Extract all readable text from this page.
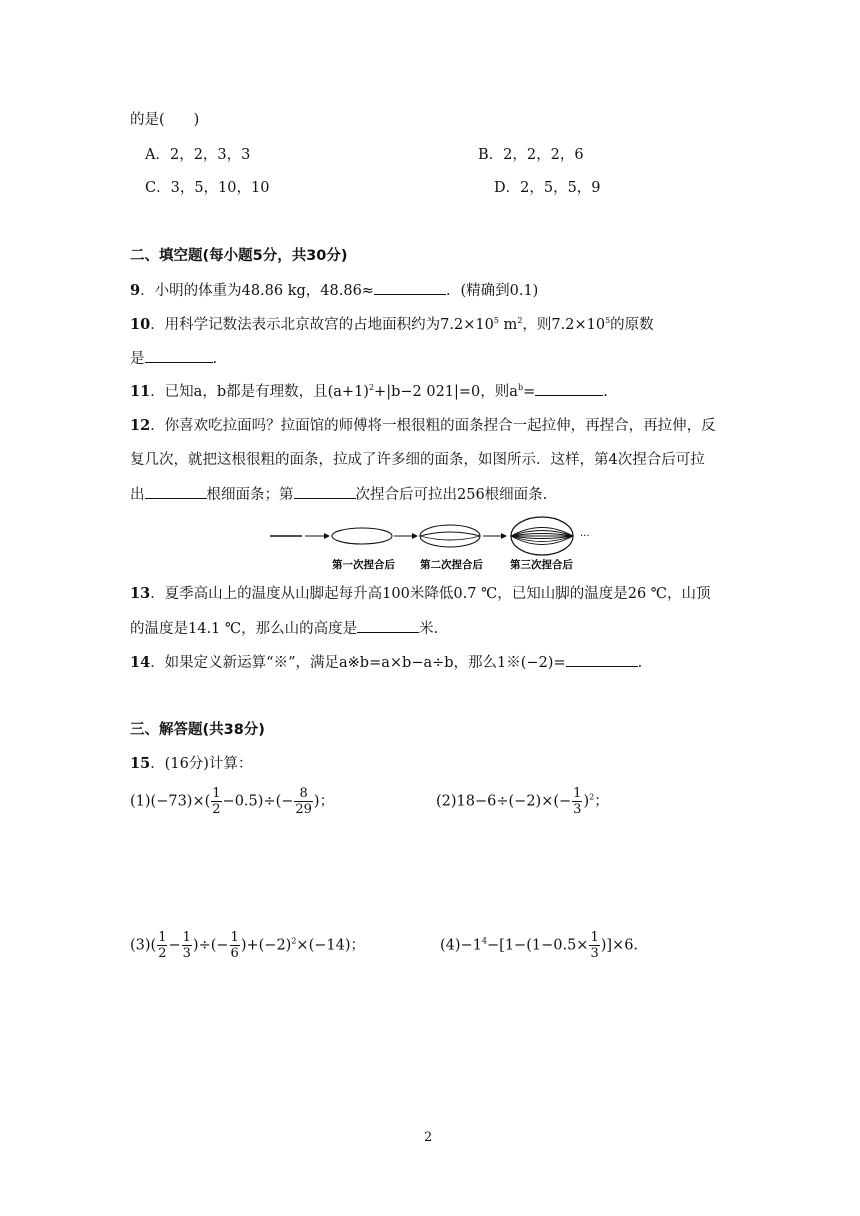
的是(　　)
A．2，2，3，3	B．2，2，2，6
C．3，5，10，10	D．2，5，5，9
二、填空题(每小题5分，共30分)
9．小明的体重为48.86 kg，48.86≈	．(精确到0.1)
10．用科学记数法表示北京故宫的占地面积约为$7.2\times 10^5$ $m^2$，则$7.2\times 10^5$的原数
是	.
11．已知a，b都是有理数，且$(a+1)^2+|b-2$ 021|=0，则$a^b=$	.
12．你喜欢吃拉面吗？拉面馆的师傅将一根很粗的面条捏合一起拉伸，再捏合，再拉伸，反
复几次，就把这根很粗的面条，拉成了许多细的面条，如图所示．这样，第4次捏合后可拉
出	根细面条；第	次捏合后可拉出256根细面条.
···
第一次捏合后 第二次捏合后	第三次捏合后
13．夏季高山上的温度从山脚起每升高100米降低0.7 ℃，已知山脚的温度是26 ℃，山顶
的温度是14.1 ℃，那么山的高度是	米.
14．如果定义新运算“※”，满足a※b=a×b−a÷b，那么1※(−2)=	.
三、解答题(共38分)
15．(16分)计算：
$(1)(-73)\times( \frac{1}{2} -0.5)\div(- \frac{8}{29}$ )；	$(2)18-6\div(-2)\times(- \frac{1}{3} )^2$；
$(3)( \frac{1}{2} - \frac{1}{3}$ )÷(− $\frac{1}{6} )+(-2)^2\times(-14)$；	$(4)-1^4-[1-(1-0.5\times \frac{1}{3} )]\times 6$.
2
